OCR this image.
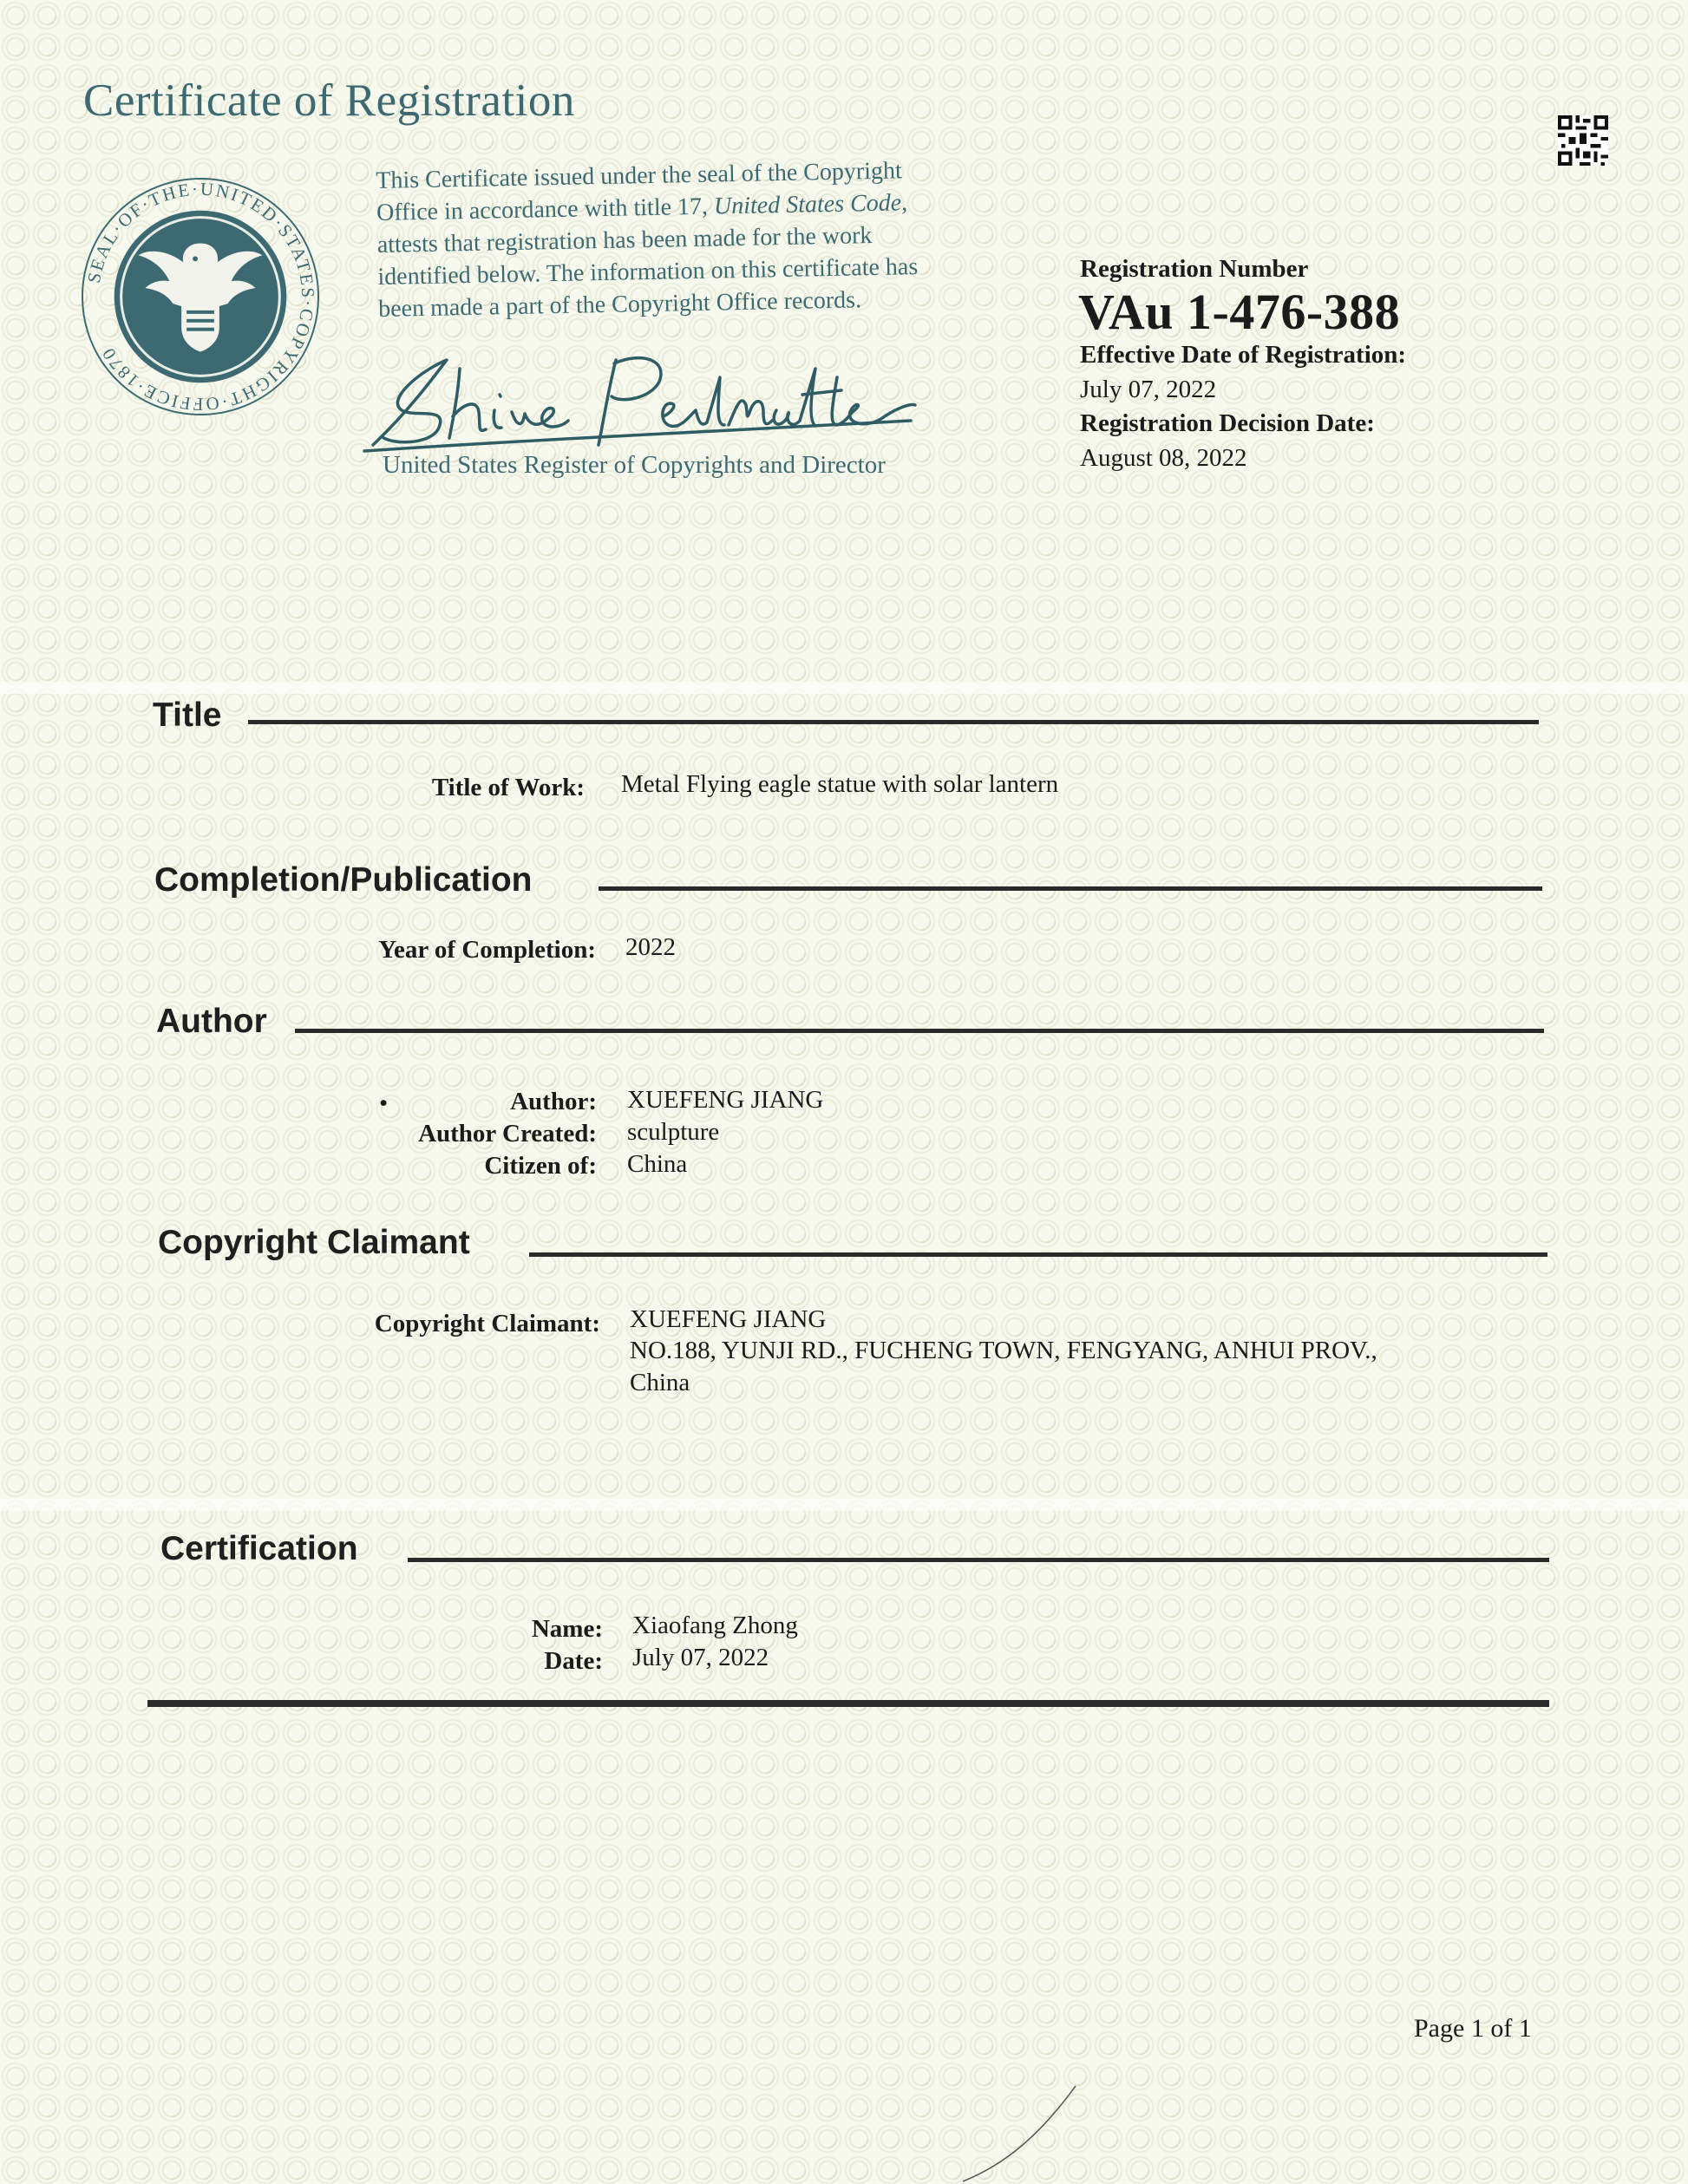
Certificate of Registration
SEAL·OF·THE·UNITED·STATES·COPYRIGHT·OFFICE·1870
This Certificate issued under the seal of the Copyright
Office in accordance with title 17, United States Code,
attests that registration has been made for the work
identified below. The information on this certificate has
been made a part of the Copyright Office records.
United States Register of Copyrights and Director
Registration Number
VAu 1-476-388
Effective Date of Registration:
July 07, 2022
Registration Decision Date:
August 08, 2022
Title
Title of Work: Metal Flying eagle statue with solar lantern
Completion/Publication
Year of Completion: 2022
Author
•	Author: XUEFENG JIANG
Author Created: sculpture
Citizen of: China
Copyright Claimant
Copyright Claimant: XUEFENG JIANG
NO.188, YUNJI RD., FUCHENG TOWN, FENGYANG, ANHUI PROV.,
China
Certification
Name: Xiaofang Zhong
Date: July 07, 2022
Page 1 of 1
